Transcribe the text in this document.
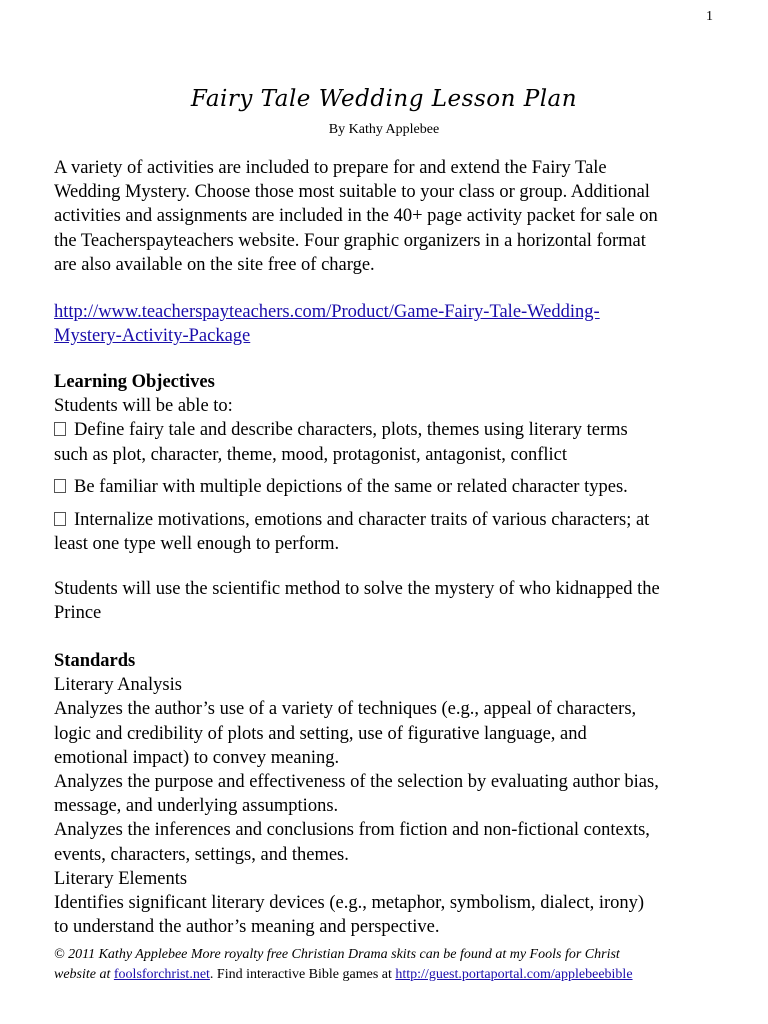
1
Fairy Tale Wedding Lesson Plan
By Kathy Applebee

A variety of activities are included to prepare for and extend the Fairy Tale

Wedding Mystery. Choose those most suitable to your class or group. Additional

activities and assignments are included in the 40+ page activity packet for sale on

the Teacherspayteachers website. Four graphic organizers in a horizontal format

are also available on the site free of charge.

http://www.teacherspayteachers.com/Product/Game-Fairy-Tale-Wedding-

Mystery-Activity-Package

Learning Objectives

Students will be able to:

Define fairy tale and describe characters, plots, themes using literary terms

such as plot, character, theme, mood, protagonist, antagonist, conflict

Be familiar with multiple depictions of the same or related character types.

Internalize motivations, emotions and character traits of various characters; at

least one type well enough to perform.

Students will use the scientific method to solve the mystery of who kidnapped the

Prince

Standards

Literary Analysis

Analyzes the author’s use of a variety of techniques (e.g., appeal of characters,

logic and credibility of plots and setting, use of figurative language, and

emotional impact) to convey meaning.

Analyzes the purpose and effectiveness of the selection by evaluating author bias,

message, and underlying assumptions.

Analyzes the inferences and conclusions from fiction and non-fictional contexts,

events, characters, settings, and themes.

Literary Elements

Identifies significant literary devices (e.g., metaphor, symbolism, dialect, irony)

to understand the author’s meaning and perspective.

© 2011 Kathy Applebee More royalty free Christian Drama skits can be found at my Fools for Christ
website at foolsforchrist.net. Find interactive Bible games at http://guest.portaportal.com/applebeebible
